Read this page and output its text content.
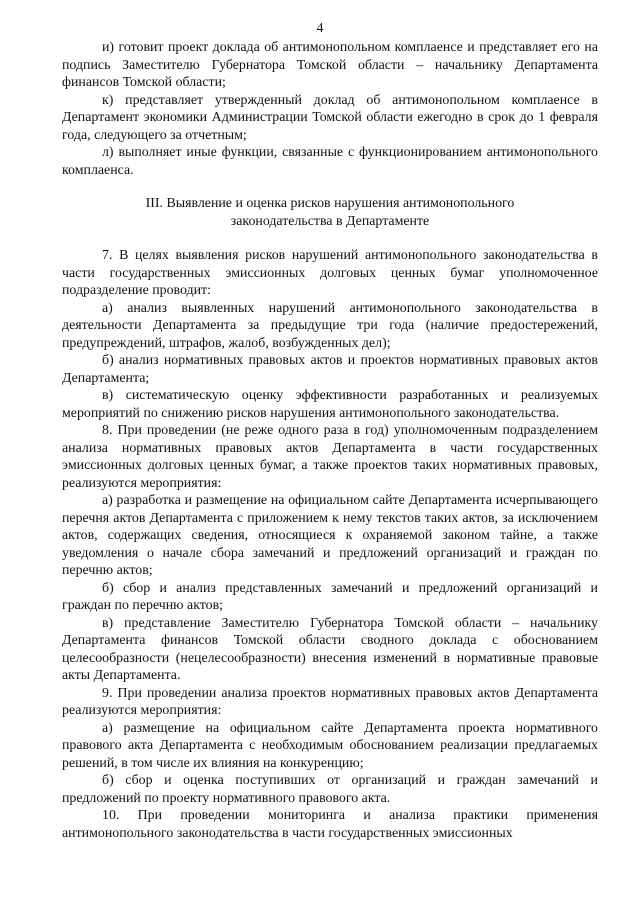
4

и) готовит проект доклада об антимонопольном комплаенсе и представляет его на подпись Заместителю Губернатора Томской области – начальнику Департамента финансов Томской области;

к) представляет утвержденный доклад об антимонопольном комплаенсе в Департамент экономики Администрации Томской области ежегодно в срок до 1 февраля года, следующего за отчетным;

л) выполняет иные функции, связанные с функционированием антимонопольного комплаенса.

III. Выявление и оценка рисков нарушения антимонопольного
законодательства в Департаменте

7. В целях выявления рисков нарушений антимонопольного законодательства в части государственных эмиссионных долговых ценных бумаг уполномоченное подразделение проводит:

а) анализ выявленных нарушений антимонопольного законодательства в деятельности Департамента за предыдущие три года (наличие предостережений, предупреждений, штрафов, жалоб, возбужденных дел);

б) анализ нормативных правовых актов и проектов нормативных правовых актов Департамента;

в) систематическую оценку эффективности разработанных и реализуемых мероприятий по снижению рисков нарушения антимонопольного законодательства.

8. При проведении (не реже одного раза в год) уполномоченным подразделением анализа нормативных правовых актов Департамента в части государственных эмиссионных долговых ценных бумаг, а также проектов таких нормативных правовых, реализуются мероприятия:

а) разработка и размещение на официальном сайте Департамента исчерпывающего перечня актов Департамента с приложением к нему текстов таких актов, за исключением актов, содержащих сведения, относящиеся к охраняемой законом тайне, а также уведомления о начале сбора замечаний и предложений организаций и граждан по перечню актов;

б) сбор и анализ представленных замечаний и предложений организаций и граждан по перечню актов;

в) представление Заместителю Губернатора Томской области – начальнику Департамента финансов Томской области сводного доклада с обоснованием целесообразности (нецелесообразности) внесения изменений в нормативные правовые акты Департамента.

9. При проведении анализа проектов нормативных правовых актов Департамента реализуются мероприятия:

а) размещение на официальном сайте Департамента проекта нормативного правового акта Департамента с необходимым обоснованием реализации предлагаемых решений, в том числе их влияния на конкуренцию;

б) сбор и оценка поступивших от организаций и граждан замечаний и предложений по проекту нормативного правового акта.

10. При проведении мониторинга и анализа практики применения антимонопольного законодательства в части государственных эмиссионных
